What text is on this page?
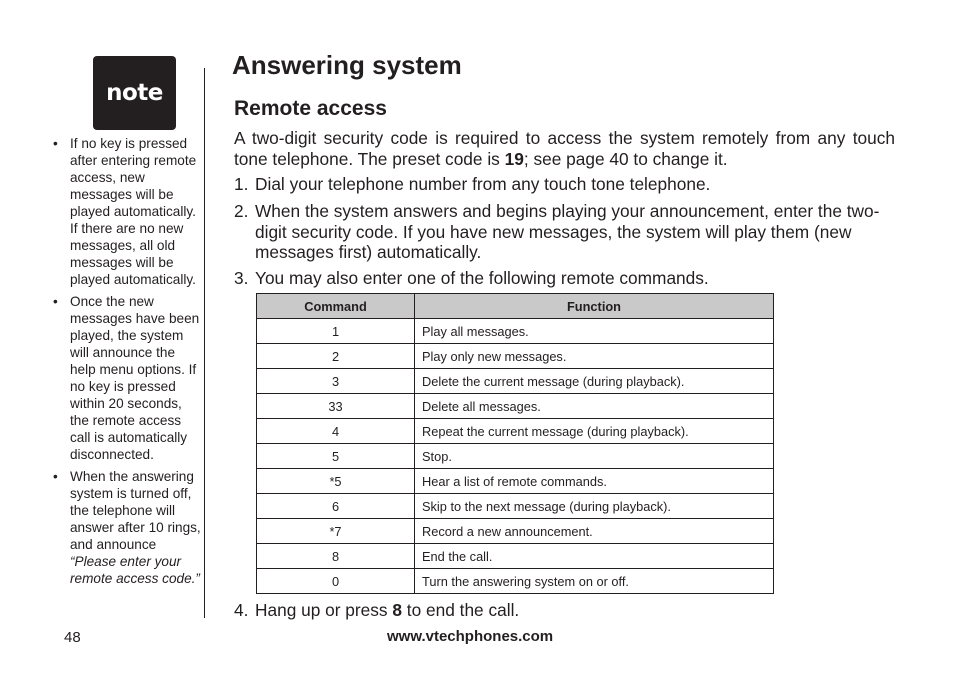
note
• If no key is pressed after entering remote access, new messages will be played automatically. If there are no new messages, all old messages will be played automatically.
• Once the new messages have been played, the system will announce the help menu options. If no key is pressed within 20 seconds, the remote access call is automatically disconnected.
• When the answering system is turned off, the telephone will answer after 10 rings, and announce
“Please enter your remote access code.”
Answering system
Remote access

A two-digit security code is required to access the system remotely from any touch tone telephone. The preset code is 19; see page 40 to change it.

1. Dial your telephone number from any touch tone telephone.

2. When the system answers and begins playing your announcement, enter the two-digit security code. If you have new messages, the system will play them (new messages first) automatically.

3. You may also enter one of the following remote commands.

Command	Function
1	Play all messages.
2	Play only new messages.
3	Delete the current message (during playback).
33	Delete all messages.
4	Repeat the current message (during playback).
5	Stop.
*5	Hear a list of remote commands.
6	Skip to the next message (during playback).
*7	Record a new announcement.
8	End the call.
0	Turn the answering system on or off.

4. Hang up or press 8 to end the call.

48	www.vtechphones.com
